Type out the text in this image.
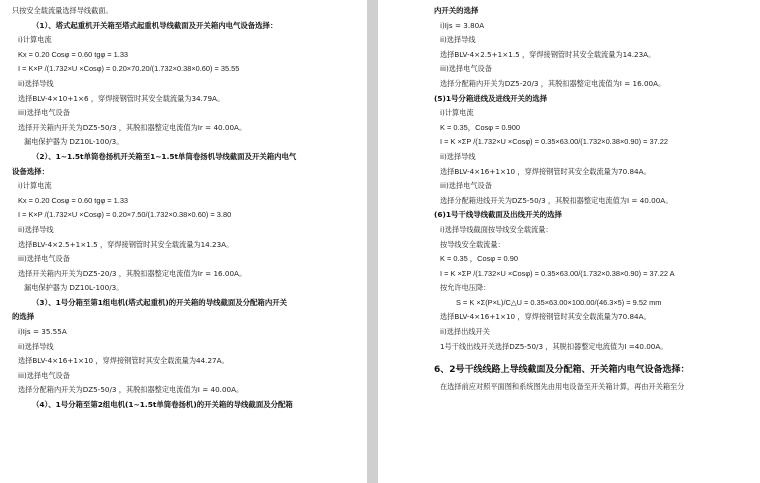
只按安全载流量选择导线截面。
（1）、塔式起重机开关箱至塔式起重机导线截面及开关箱内电气设备选择：
i)计算电流
Kx = 0.20 Cosφ = 0.60 tgφ = 1.33
I = K×P /(1.732×U ×Cosφ) = 0.20×70.20/(1.732×0.38×0.60) = 35.55
ii)选择导线
选择BLV-4×10+1×6 ，穿焊接钢管时其安全载流量为34.79A。
iii)选择电气设备
选择开关箱内开关为DZ5-50/3 ，其脱扣器整定电流值为Ir = 40.00A。
漏电保护器为 DZ10L-100/3。
（2）、1~1.5t单筒卷扬机开关箱至1~1.5t单筒卷扬机导线截面及开关箱内电气
设备选择：
i)计算电流
Kx = 0.20 Cosφ = 0.60 tgφ = 1.33
I = K×P /(1.732×U ×Cosφ) = 0.20×7.50/(1.732×0.38×0.60) = 3.80
ii)选择导线
选择BLV-4×2.5+1×1.5 ，穿焊接钢管时其安全载流量为14.23A。
iii)选择电气设备
选择开关箱内开关为DZ5-20/3 ，其脱扣器整定电流值为Ir = 16.00A。
漏电保护器为 DZ10L-100/3。
（3）、1号分箱至第1组电机(塔式起重机)的开关箱的导线截面及分配箱内开关
的选择
i)Ijs = 35.55A
ii)选择导线
选择BLV-4×16+1×10 ，穿焊接钢管时其安全载流量为44.27A。
iii)选择电气设备
选择分配箱内开关为DZ5-50/3 ，其脱扣器整定电流值为I = 40.00A。
（4）、1号分箱至第2组电机(1~1.5t单筒卷扬机)的开关箱的导线截面及分配箱
内开关的选择
i)Ijs = 3.80A
ii)选择导线
选择BLV-4×2.5+1×1.5 ，穿焊接钢管时其安全载流量为14.23A。
iii)选择电气设备
选择分配箱内开关为DZ5-20/3 ，其脱扣器整定电流值为I = 16.00A。
(5)1号分箱进线及进线开关的选择
i)计算电流
K = 0.35，Cosφ = 0.900
I = K ×ΣP /(1.732×U ×Cosφ) = 0.35×63.00/(1.732×0.38×0.90) = 37.22
ii)选择导线
选择BLV-4×16+1×10 ，穿焊接钢管时其安全载流量为70.84A。
iii)选择电气设备
选择分配箱进线开关为DZ5-50/3 ，其脱扣器整定电流值为I = 40.00A。
(6)1号干线导线截面及出线开关的选择
i)选择导线截面按导线安全载流量：
按导线安全载流量：
K = 0.35 ，Cosφ = 0.90
I = K ×ΣP /(1.732×U ×Cosφ) = 0.35×63.00/(1.732×0.38×0.90) = 37.22 A
按允许电压降：
S = K ×Σ(P×L)/C△U = 0.35×63.00×100.00/(46.3×5) = 9.52 mm
选择BLV-4×16+1×10 ，穿焊接钢管时其安全载流量为70.84A。
ii)选择出线开关
1号干线出线开关选择DZ5-50/3 ，其脱扣器整定电流值为I =40.00A。
6、2号干线线路上导线截面及分配箱、开关箱内电气设备选择：
在选择前应对照平面图和系统图先由用电设备至开关箱计算，再由开关箱至分
